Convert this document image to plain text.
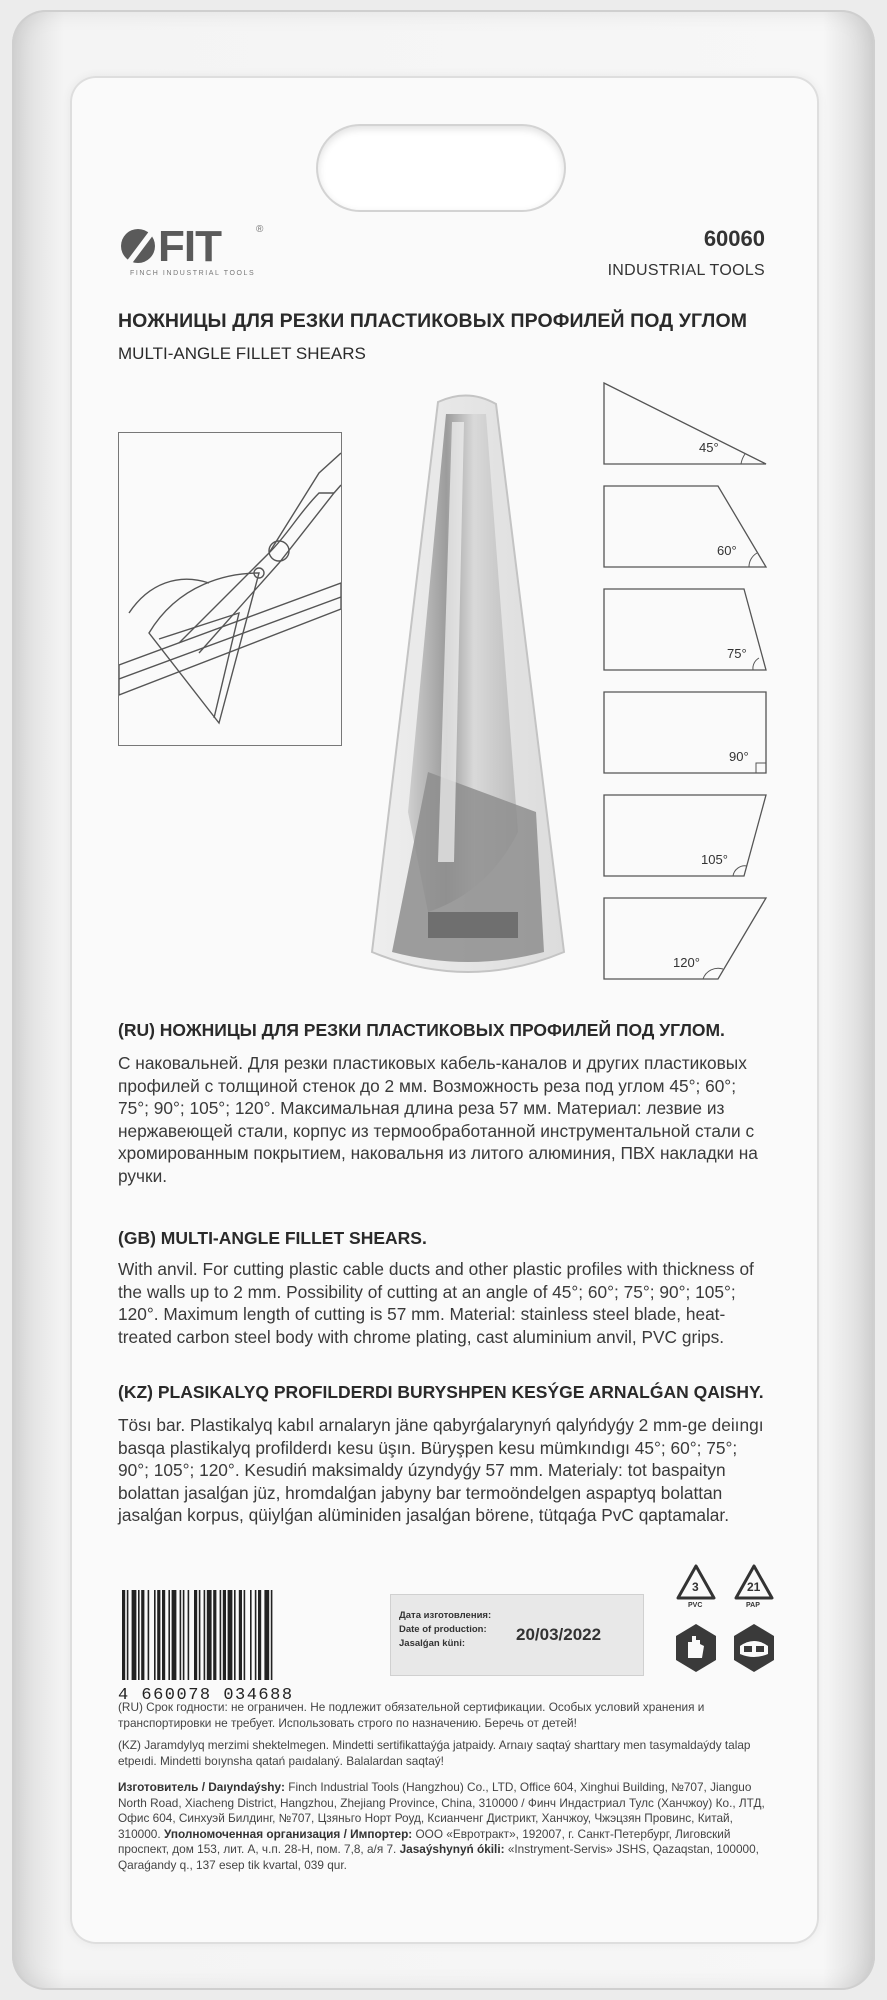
FIT	®
FINCH INDUSTRIAL TOOLS
60060
INDUSTRIAL TOOLS
НОЖНИЦЫ ДЛЯ РЕЗКИ ПЛАСТИКОВЫХ ПРОФИЛЕЙ ПОД УГЛОМ
MULTI-ANGLE FILLET SHEARS
45°
60°
75°
90°
105°
120°
(RU) НОЖНИЦЫ ДЛЯ РЕЗКИ ПЛАСТИКОВЫХ ПРОФИЛЕЙ ПОД УГЛОМ.
С наковальней. Для резки пластиковых кабель-каналов и других пластиковых профилей с толщиной стенок до 2 мм. Возможность реза под углом 45°; 60°; 75°; 90°; 105°; 120°. Максимальная длина реза 57 мм. Материал: лезвие из нержавеющей стали, корпус из термообработанной инструментальной стали с хромированным покрытием, наковальня из литого алюминия, ПВХ накладки на ручки.
(GB) MULTI-ANGLE FILLET SHEARS.
With anvil. For cutting plastic cable ducts and other plastic profiles with thickness of the walls up to 2 mm. Possibility of cutting at an angle of 45°; 60°; 75°; 90°; 105°; 120°. Maximum length of cutting is 57 mm. Material: stainless steel blade, heat-treated carbon steel body with chrome plating, cast aluminium anvil, PVC grips.
(KZ) PLASIKALYQ PROFILDERDI BURYSHPEN KESÝGE ARNALǴAN QAISHY.
Tösı bar. Plastikalyq kabıl arnalaryn jäne qabyrǵalarynyń qalyńdyǵy 2 mm-ge deiıngı basqa plastikalyq profilderdı kesu üşın. Büryşpen kesu mümkındıgı 45°; 60°; 75°; 90°; 105°; 120°. Kesudiń maksimaldy úzyndyǵy 57 mm. Materialy: tot baspaityn bolattan jasalǵan jüz, hromdalǵan jabyny bar termoöndelgen aspaptyq bolattan jasalǵan korpus, qüiylǵan alüminiden jasalǵan börene, tütqaǵa PvC qaptamalar.
4 660078 034688
Дата изготовления:
Date of production:
Jasalǵan küni:	20/03/2022
3
PVC
21
PAP
(RU) Срок годности: не ограничен. Не подлежит обязательной сертификации. Особых условий хранения и транспортировки не требует. Использовать строго по назначению. Беречь от детей!
(KZ) Jaramdylyq merzimi shektelmegen. Mindetti sertifikattaýǵa jatpaidy. Arnaıy saqtaý sharttary men tasymaldaýdy talap etpeıdi. Mindetti boıynsha qatań paıdalaný. Balalardan saqtaý!
Изготовитель / Daıyndaýshy: Finch Industrial Tools (Hangzhou) Co., LTD, Office 604, Xinghui Building, №707, Jianguo North Road, Xiacheng District, Hangzhou, Zhejiang Province, China, 310000 / Финч Индастриал Тулс (Ханчжоу) Ко., ЛТД, Офис 604, Синхуэй Билдинг, №707, Цзяньго Норт Роуд, Ксианченг Дистрикт, Ханчжоу, Чжэцзян Провинс, Китай, 310000. Уполномоченная организация / Импортер: ООО «Евротракт», 192007, г. Санкт-Петербург, Лиговский проспект, дом 153, лит. А, ч.п. 28-Н, пом. 7,8, а/я 7. Jasaýshynyń ókili: «Instryment-Servis» JSHS, Qazaqstan, 100000, Qaraǵandy q., 137 esep tik kvartal, 039 qur.
